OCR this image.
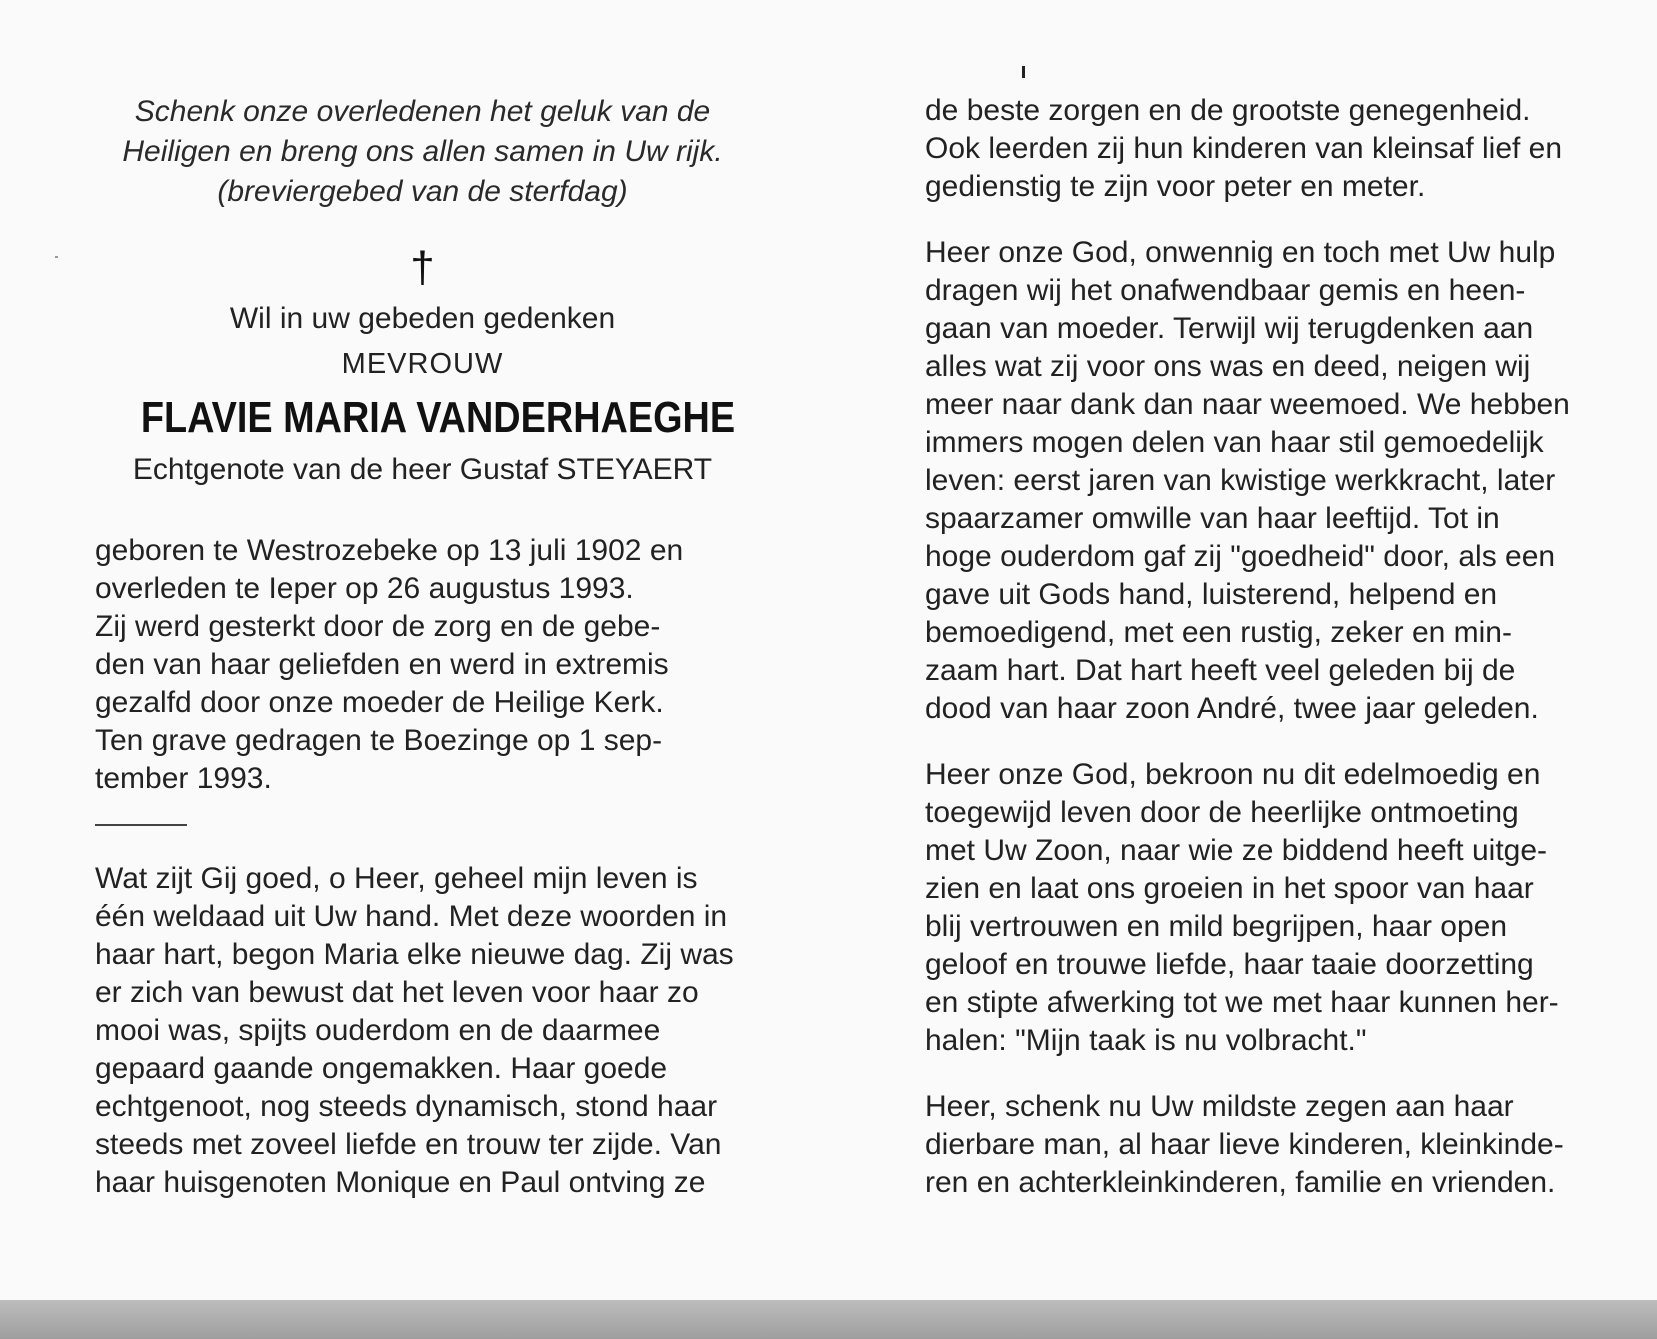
Schenk onze overledenen het geluk van de
Heiligen en breng ons allen samen in Uw rijk.
(breviergebed van de sterfdag)
†
Wil in uw gebeden gedenken
MEVROUW
FLAVIE MARIA VANDERHAEGHE
Echtgenote van de heer Gustaf STEYAERT
geboren te Westrozebeke op 13 juli 1902 en
overleden te Ieper op 26 augustus 1993.
Zij werd gesterkt door de zorg en de gebe-
den van haar geliefden en werd in extremis
gezalfd door onze moeder de Heilige Kerk.
Ten grave gedragen te Boezinge op 1 sep-
tember 1993.
Wat zijt Gij goed, o Heer, geheel mijn leven is
één weldaad uit Uw hand. Met deze woorden in
haar hart, begon Maria elke nieuwe dag. Zij was
er zich van bewust dat het leven voor haar zo
mooi was, spijts ouderdom en de daarmee
gepaard gaande ongemakken. Haar goede
echtgenoot, nog steeds dynamisch, stond haar
steeds met zoveel liefde en trouw ter zijde. Van
haar huisgenoten Monique en Paul ontving ze
de beste zorgen en de grootste genegenheid.
Ook leerden zij hun kinderen van kleinsaf lief en
gedienstig te zijn voor peter en meter.
Heer onze God, onwennig en toch met Uw hulp
dragen wij het onafwendbaar gemis en heen-
gaan van moeder. Terwijl wij terugdenken aan
alles wat zij voor ons was en deed, neigen wij
meer naar dank dan naar weemoed. We hebben
immers mogen delen van haar stil gemoedelijk
leven: eerst jaren van kwistige werkkracht, later
spaarzamer omwille van haar leeftijd. Tot in
hoge ouderdom gaf zij "goedheid" door, als een
gave uit Gods hand, luisterend, helpend en
bemoedigend, met een rustig, zeker en min-
zaam hart. Dat hart heeft veel geleden bij de
dood van haar zoon André, twee jaar geleden.
Heer onze God, bekroon nu dit edelmoedig en
toegewijd leven door de heerlijke ontmoeting
met Uw Zoon, naar wie ze biddend heeft uitge-
zien en laat ons groeien in het spoor van haar
blij vertrouwen en mild begrijpen, haar open
geloof en trouwe liefde, haar taaie doorzetting
en stipte afwerking tot we met haar kunnen her-
halen: "Mijn taak is nu volbracht."
Heer, schenk nu Uw mildste zegen aan haar
dierbare man, al haar lieve kinderen, kleinkinde-
ren en achterkleinkinderen, familie en vrienden.
